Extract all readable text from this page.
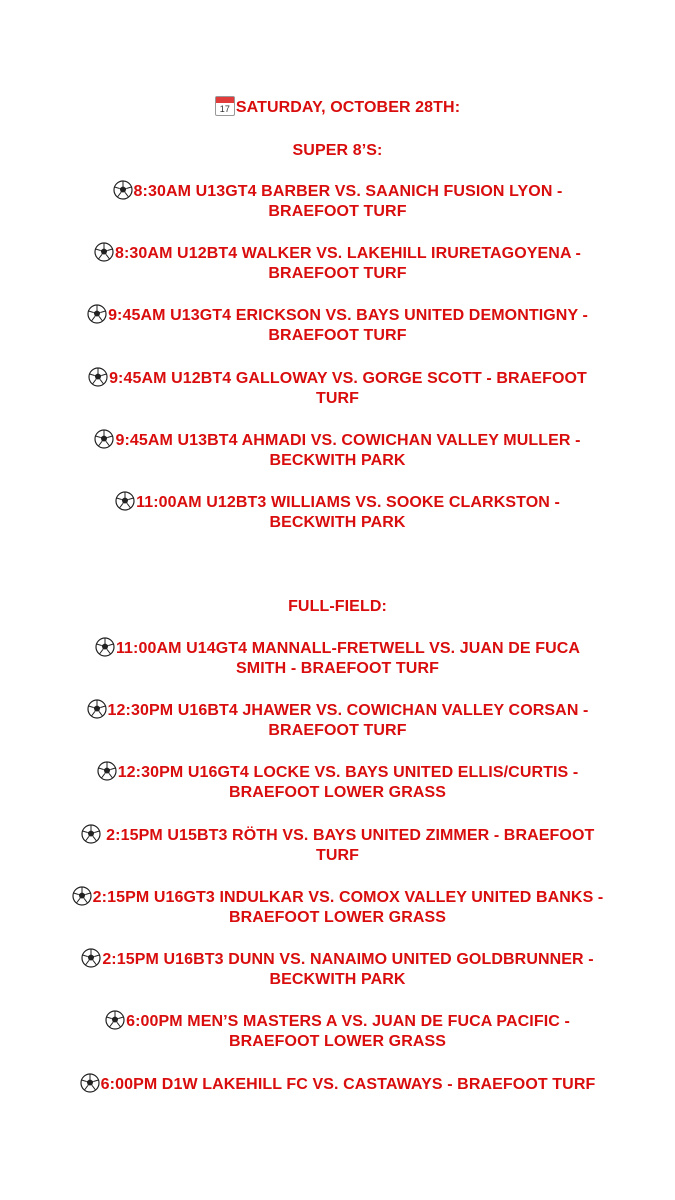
17 SATURDAY, OCTOBER 28TH:
SUPER 8’S:
8:30AM U13GT4 BARBER VS. SAANICH FUSION LYON -
BRAEFOOT TURF
8:30AM U12BT4 WALKER VS. LAKEHILL IRURETAGOYENA -
BRAEFOOT TURF
9:45AM U13GT4 ERICKSON VS. BAYS UNITED DEMONTIGNY -
BRAEFOOT TURF
9:45AM U12BT4 GALLOWAY VS. GORGE SCOTT - BRAEFOOT
TURF
9:45AM U13BT4 AHMADI VS. COWICHAN VALLEY MULLER -
BECKWITH PARK
11:00AM U12BT3 WILLIAMS VS. SOOKE CLARKSTON -
BECKWITH PARK
FULL-FIELD:
11:00AM U14GT4 MANNALL-FRETWELL VS. JUAN DE FUCA
SMITH - BRAEFOOT TURF
12:30PM U16BT4 JHAWER VS. COWICHAN VALLEY CORSAN -
BRAEFOOT TURF
12:30PM U16GT4 LOCKE VS. BAYS UNITED ELLIS/CURTIS -
BRAEFOOT LOWER GRASS
2:15PM U15BT3 RÖTH VS. BAYS UNITED ZIMMER - BRAEFOOT
TURF
2:15PM U16GT3 INDULKAR VS. COMOX VALLEY UNITED BANKS -
BRAEFOOT LOWER GRASS
2:15PM U16BT3 DUNN VS. NANAIMO UNITED GOLDBRUNNER -
BECKWITH PARK
6:00PM MEN’S MASTERS A VS. JUAN DE FUCA PACIFIC -
BRAEFOOT LOWER GRASS
6:00PM D1W LAKEHILL FC VS. CASTAWAYS - BRAEFOOT TURF
